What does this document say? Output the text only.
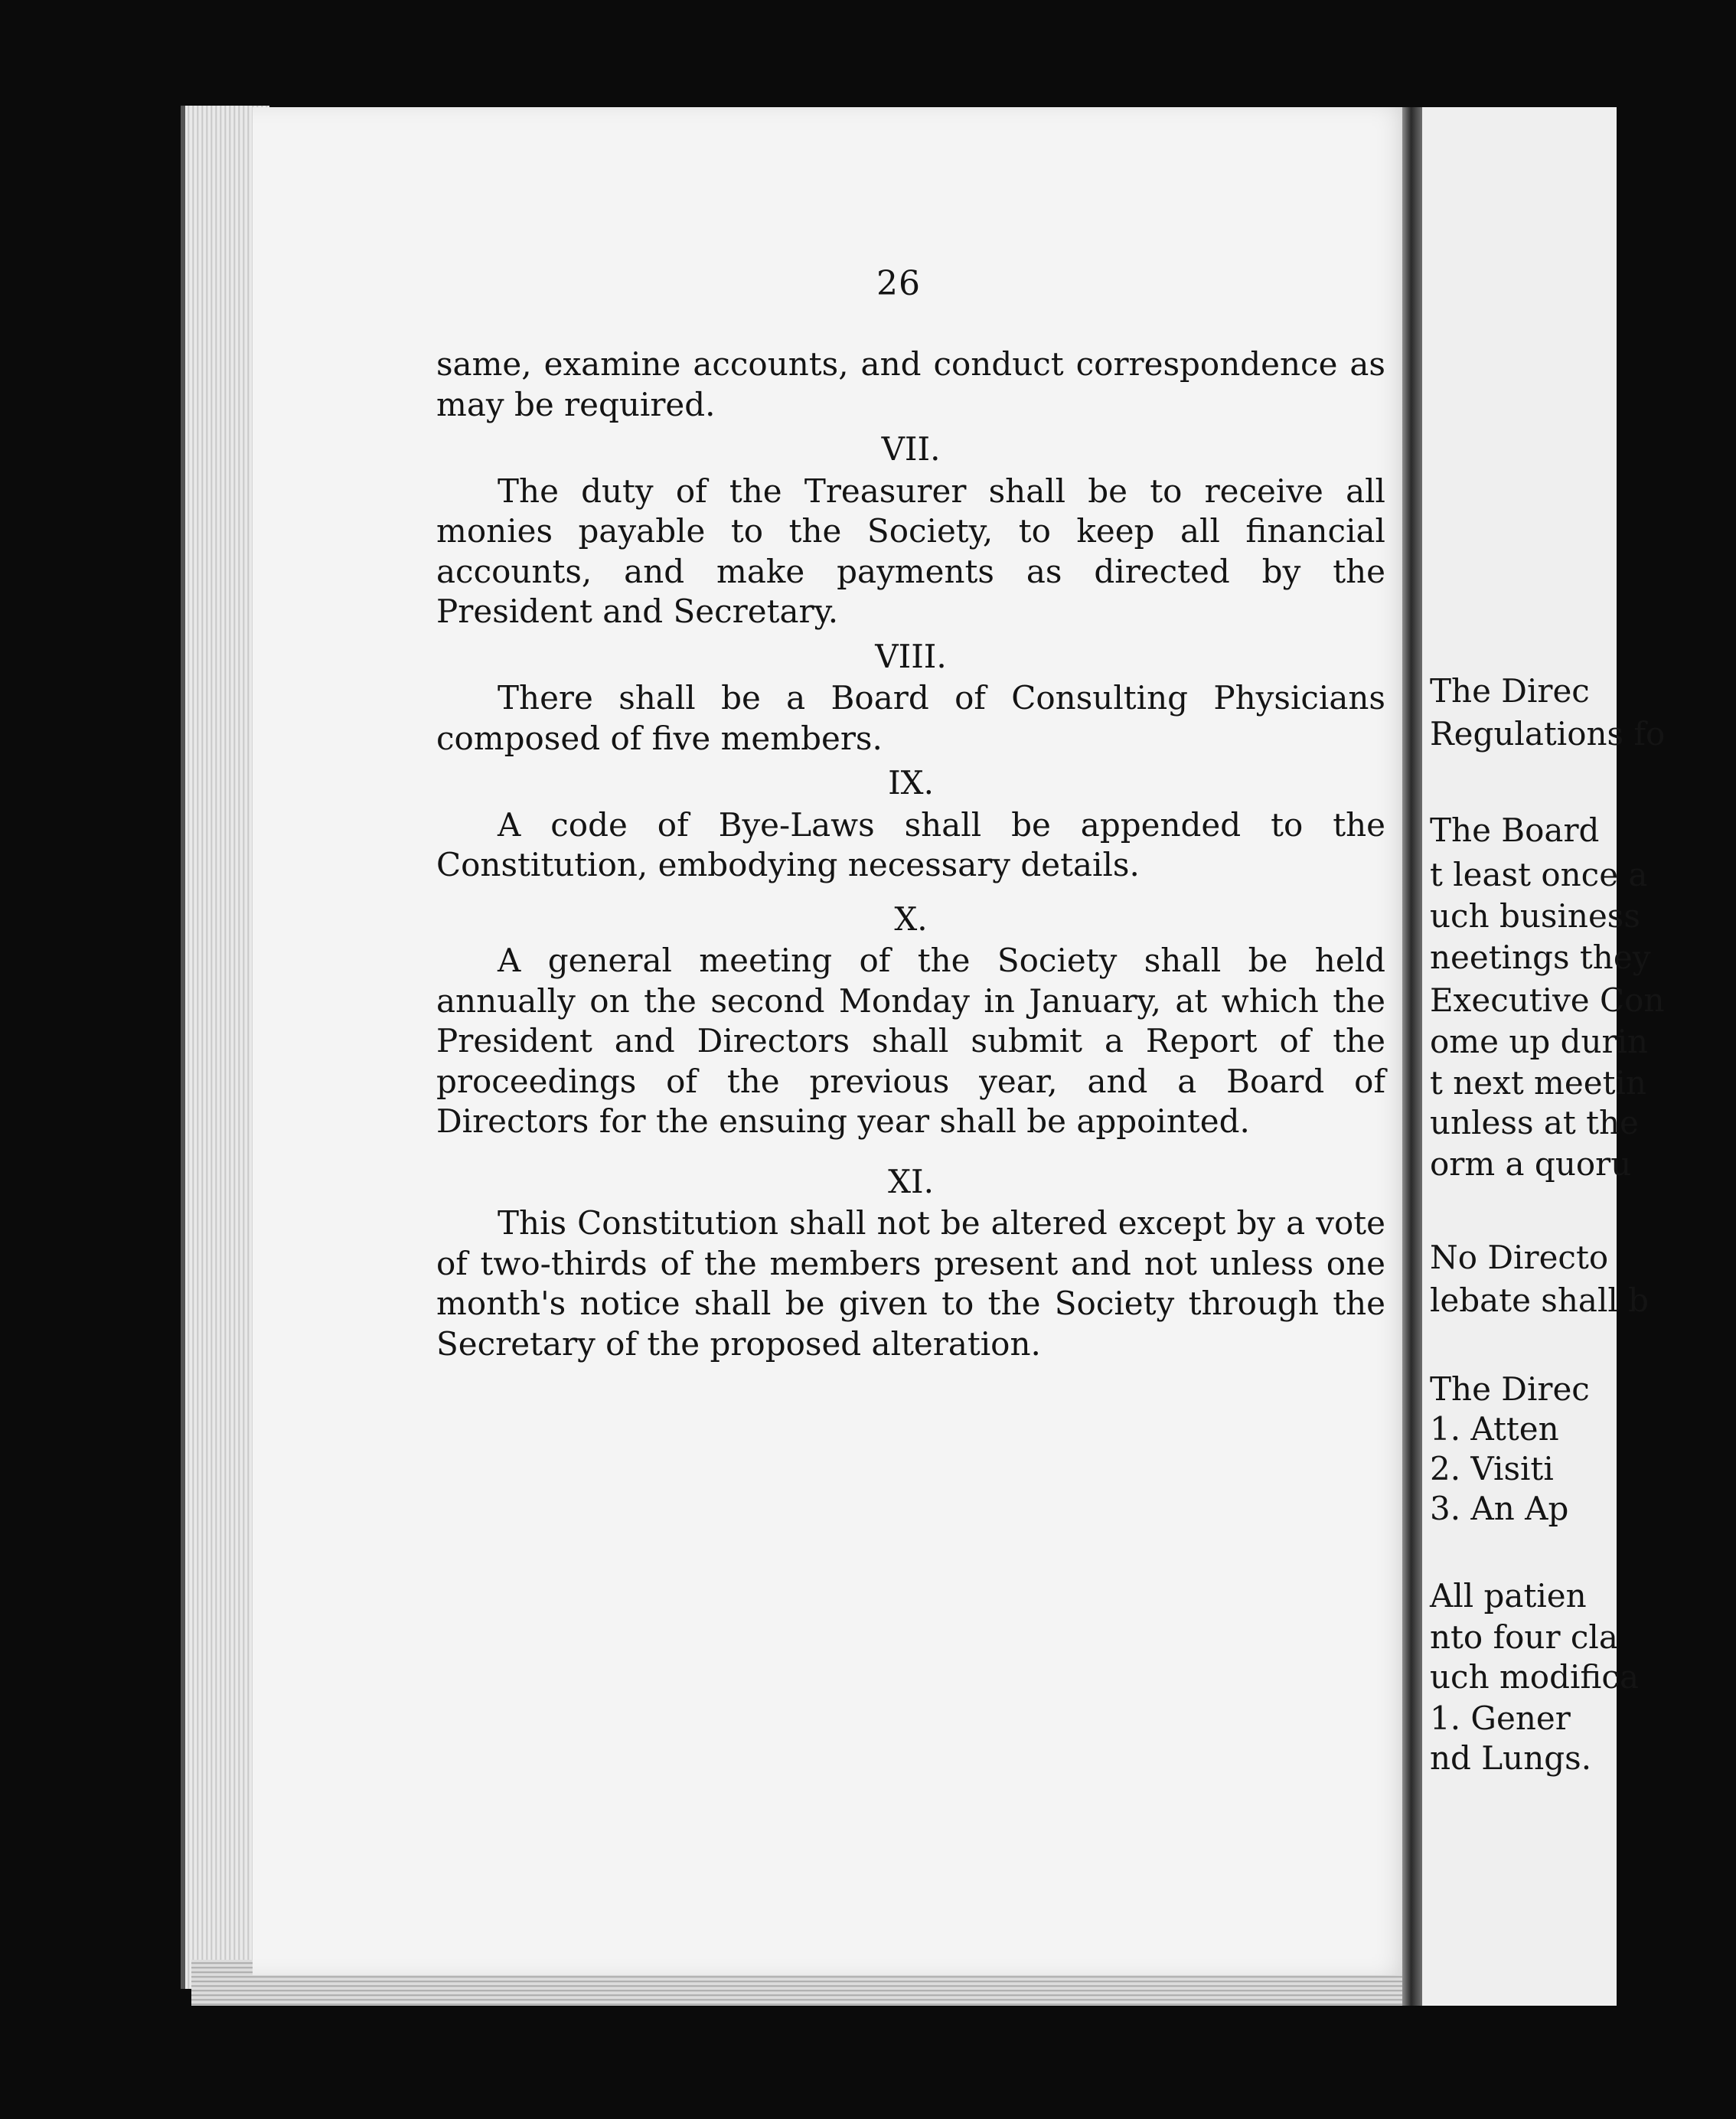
26

same, examine accounts, and conduct correspondence as may be required.

VII.

The duty of the Treasurer shall be to receive all monies payable to the Society, to keep all financial accounts, and make payments as directed by the President and Secretary.

VIII.

There shall be a Board of Consulting Physicians composed of five members.

IX.

A code of Bye-Laws shall be appended to the Constitution, embodying necessary details.

X.

A general meeting of the Society shall be held annually on the second Monday in January, at which the President and Directors shall submit a Report of the proceedings of the previous year, and a Board of Directors for the ensuing year shall be appointed.

XI.

This Constitution shall not be altered except by a vote of two-thirds of the members present and not unless one month's notice shall be given to the Society through the Secretary of the proposed alteration.

The Direc
Regulations fo
The Board
t least once a
uch business
neetings they
Executive Con
ome up durin
t next meetin
unless at the
orm a quoru
No Directo
lebate shall b
The Direc
1. Atten
2. Visiti
3. An Ap
All patien
nto four cla
uch modifica
1. Gener
nd Lungs.
